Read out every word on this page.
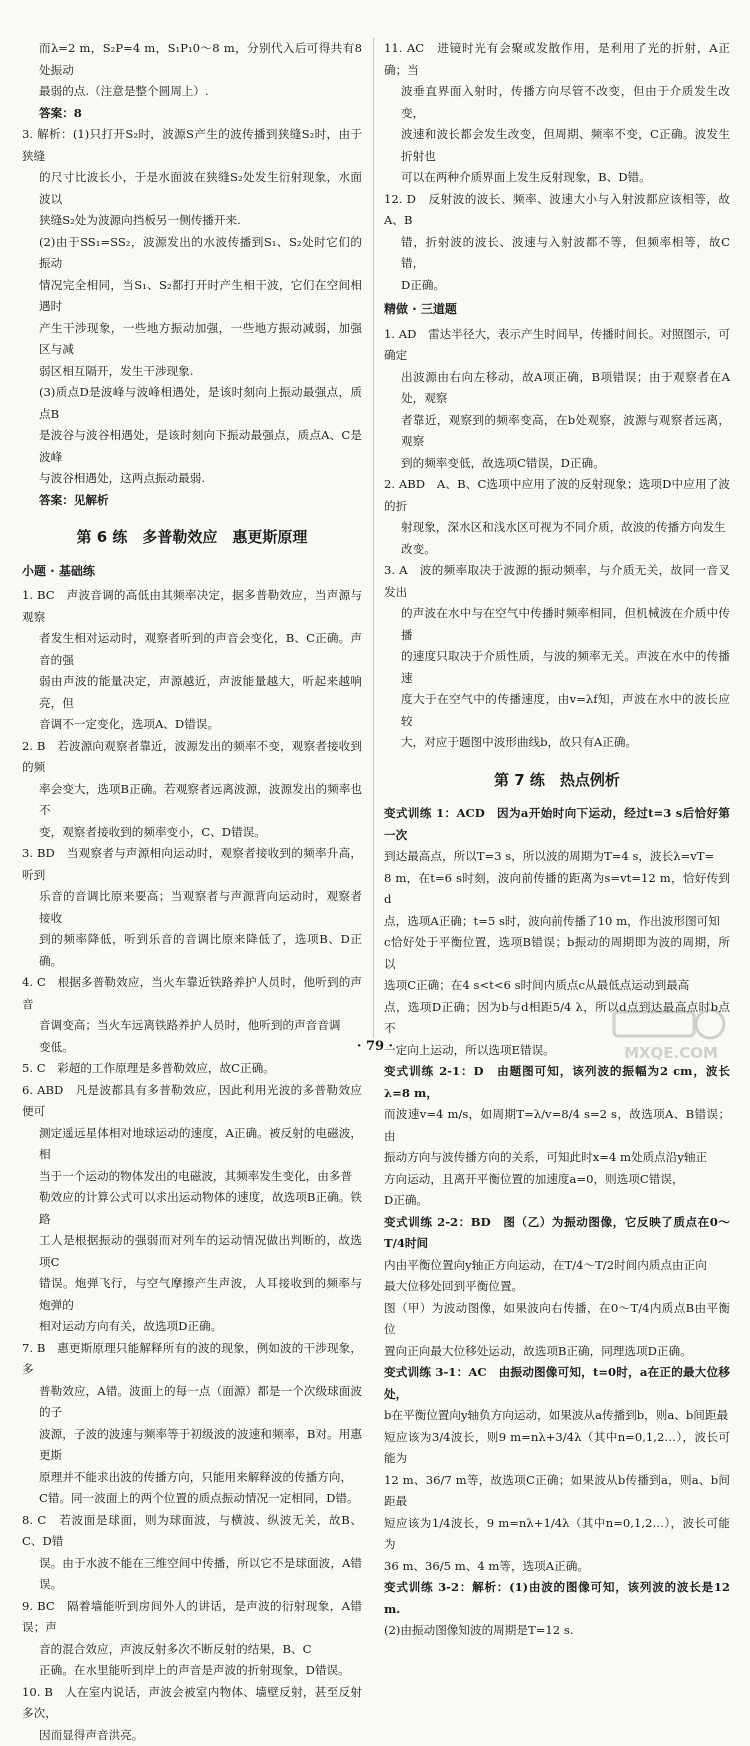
而λ=2 m，S₂P=4 m，S₁P₁0～8 m，分别代入后可得共有8处振动

最弱的点.（注意是整个圆周上）.

答案：8

3. 解析：(1)只打开S₂时，波源S产生的波传播到狭缝S₂时，由于狭缝

的尺寸比波长小，于是水面波在狭缝S₂处发生衍射现象，水面波以

狭缝S₂处为波源向挡板另一侧传播开来.

(2)由于SS₁=SS₂，波源发出的水波传播到S₁、S₂处时它们的振动

情况完全相同，当S₁、S₂都打开时产生相干波，它们在空间相遇时

产生干涉现象，一些地方振动加强，一些地方振动减弱，加强区与减

弱区相互隔开，发生干涉现象.

(3)质点D是波峰与波峰相遇处，是该时刻向上振动最强点，质点B

是波谷与波谷相遇处，是该时刻向下振动最强点，质点A、C是波峰

与波谷相遇处，这两点振动最弱.

答案：见解析

第 6 练　多普勒效应　惠更斯原理
小题 · 基础练

1. BC　声波音调的高低由其频率决定，据多普勒效应，当声源与观察

者发生相对运动时，观察者听到的声音会变化，B、C正确。声音的强

弱由声波的能量决定，声源越近，声波能量越大，听起来越响亮，但

音调不一定变化，选项A、D错误。

2. B　若波源向观察者靠近，波源发出的频率不变，观察者接收到的频

率会变大，选项B正确。若观察者远离波源，波源发出的频率也不

变，观察者接收到的频率变小，C、D错误。

3. BD　当观察者与声源相向运动时，观察者接收到的频率升高，听到

乐音的音调比原来要高；当观察者与声源背向运动时，观察者接收

到的频率降低，听到乐音的音调比原来降低了，选项B、D正确。

4. C　根据多普勒效应，当火车靠近铁路养护人员时，他听到的声音

音调变高；当火车远离铁路养护人员时，他听到的声音音调

变低。

5. C　彩超的工作原理是多普勒效应，故C正确。

6. ABD　凡是波都具有多普勒效应，因此利用光波的多普勒效应便可

测定遥远星体相对地球运动的速度，A正确。被反射的电磁波，相

当于一个运动的物体发出的电磁波，其频率发生变化，由多普

勒效应的计算公式可以求出运动物体的速度，故选项B正确。铁路

工人是根据振动的强弱而对列车的运动情况做出判断的，故选项C

错误。炮弹飞行，与空气摩擦产生声波，人耳接收到的频率与炮弹的

相对运动方向有关，故选项D正确。

7. B　惠更斯原理只能解释所有的波的现象，例如波的干涉现象，多

普勒效应，A错。波面上的每一点（面源）都是一个次级球面波的子

波源，子波的波速与频率等于初级波的波速和频率，B对。用惠更斯

原理并不能求出波的传播方向，只能用来解释波的传播方向，

C错。同一波面上的两个位置的质点振动情况一定相同，D错。

8. C　若波面是球面，则为球面波，与横波、纵波无关，故B、C、D错

误。由于水波不能在三维空间中传播，所以它不是球面波，A错误。

9. BC　隔着墙能听到房间外人的讲话，是声波的衍射现象，A错误；声

音的混合效应，声波反射多次不断反射的结果，B、C

正确。在水里能听到岸上的声音是声波的折射现象，D错误。

10. B　人在室内说话，声波会被室内物体、墙壁反射，甚至反射多次，

因而显得声音洪亮。

11. AC　进镜时光有会聚或发散作用，是利用了光的折射，A正确；当

波垂直界面入射时，传播方向尽管不改变，但由于介质发生改变，

波速和波长都会发生改变，但周期、频率不变，C正确。波发生折射也

可以在两种介质界面上发生反射现象，B、D错。

12. D　反射波的波长、频率、波速大小与入射波都应该相等，故A、B

错，折射波的波长、波速与入射波都不等，但频率相等，故C错，

D正确。

精做 · 三道题

1. AD　雷达半径大，表示产生时间早，传播时间长。对照图示，可确定

出波源由右向左移动，故A项正确，B项错误；由于观察者在A处，观察

者靠近，观察到的频率变高，在b处观察，波源与观察者远离，观察

到的频率变低，故选项C错误，D正确。

2. ABD　A、B、C选项中应用了波的反射现象；选项D中应用了波的折

射现象，深水区和浅水区可视为不同介质，故波的传播方向发生

改变。

3. A　波的频率取决于波源的振动频率，与介质无关，故同一音叉发出

的声波在水中与在空气中传播时频率相同，但机械波在介质中传播

的速度只取决于介质性质，与波的频率无关。声波在水中的传播速

度大于在空气中的传播速度，由v=λf知，声波在水中的波长应较

大，对应于题图中波形曲线b，故只有A正确。

第 7 练　热点例析

变式训练 1：ACD　因为a开始时向下运动，经过t=3 s后恰好第一次

到达最高点，所以T=3 s，所以波的周期为T=4 s，波长λ=vT=

8 m，在t=6 s时刻，波向前传播的距离为s=vt=12 m，恰好传到d

点，选项A正确；t=5 s时，波向前传播了10 m，作出波形图可知

c恰好处于平衡位置，选项B错误；b振动的周期即为波的周期，所以

选项C正确；在4 s<t<6 s时间内质点c从最低点运动到最高

点，选项D正确；因为b与d相距5/4 λ，所以d点到达最高点时b点不

一定向上运动，所以选项E错误。

变式训练 2-1：D　由题图可知，该列波的振幅为2 cm，波长λ=8 m，

而波速v=4 m/s，如周期T=λ/v=8/4 s=2 s，故选项A、B错误；由

振动方向与波传播方向的关系，可知此时x=4 m处质点沿y轴正

方向运动，且离开平衡位置的加速度a=0，则选项C错误，

D正确。

变式训练 2-2：BD　图（乙）为振动图像，它反映了质点在0～T/4时间

内由平衡位置向y轴正方向运动，在T/4～T/2时间内质点由正向

最大位移处回到平衡位置。

图（甲）为波动图像，如果波向右传播，在0～T/4内质点B由平衡位

置向正向最大位移处运动，故选项B正确，同理选项D正确。

变式训练 3-1：AC　由振动图像可知，t=0时，a在正的最大位移处，

b在平衡位置向y轴负方向运动，如果波从a传播到b，则a、b间距最

短应该为3/4波长，则9 m=nλ+3/4λ（其中n=0,1,2…），波长可能为

12 m、36/7 m等，故选项C正确；如果波从b传播到a，则a、b间距最

短应该为1/4波长，9 m=nλ+1/4λ（其中n=0,1,2…），波长可能为

36 m、36/5 m、4 m等，选项A正确。

变式训练 3-2：解析：(1)由波的图像可知，该列波的波长是12 m.

(2)由振动图像知波的周期是T=12 s.

· 79 ·	MXQE.COM
